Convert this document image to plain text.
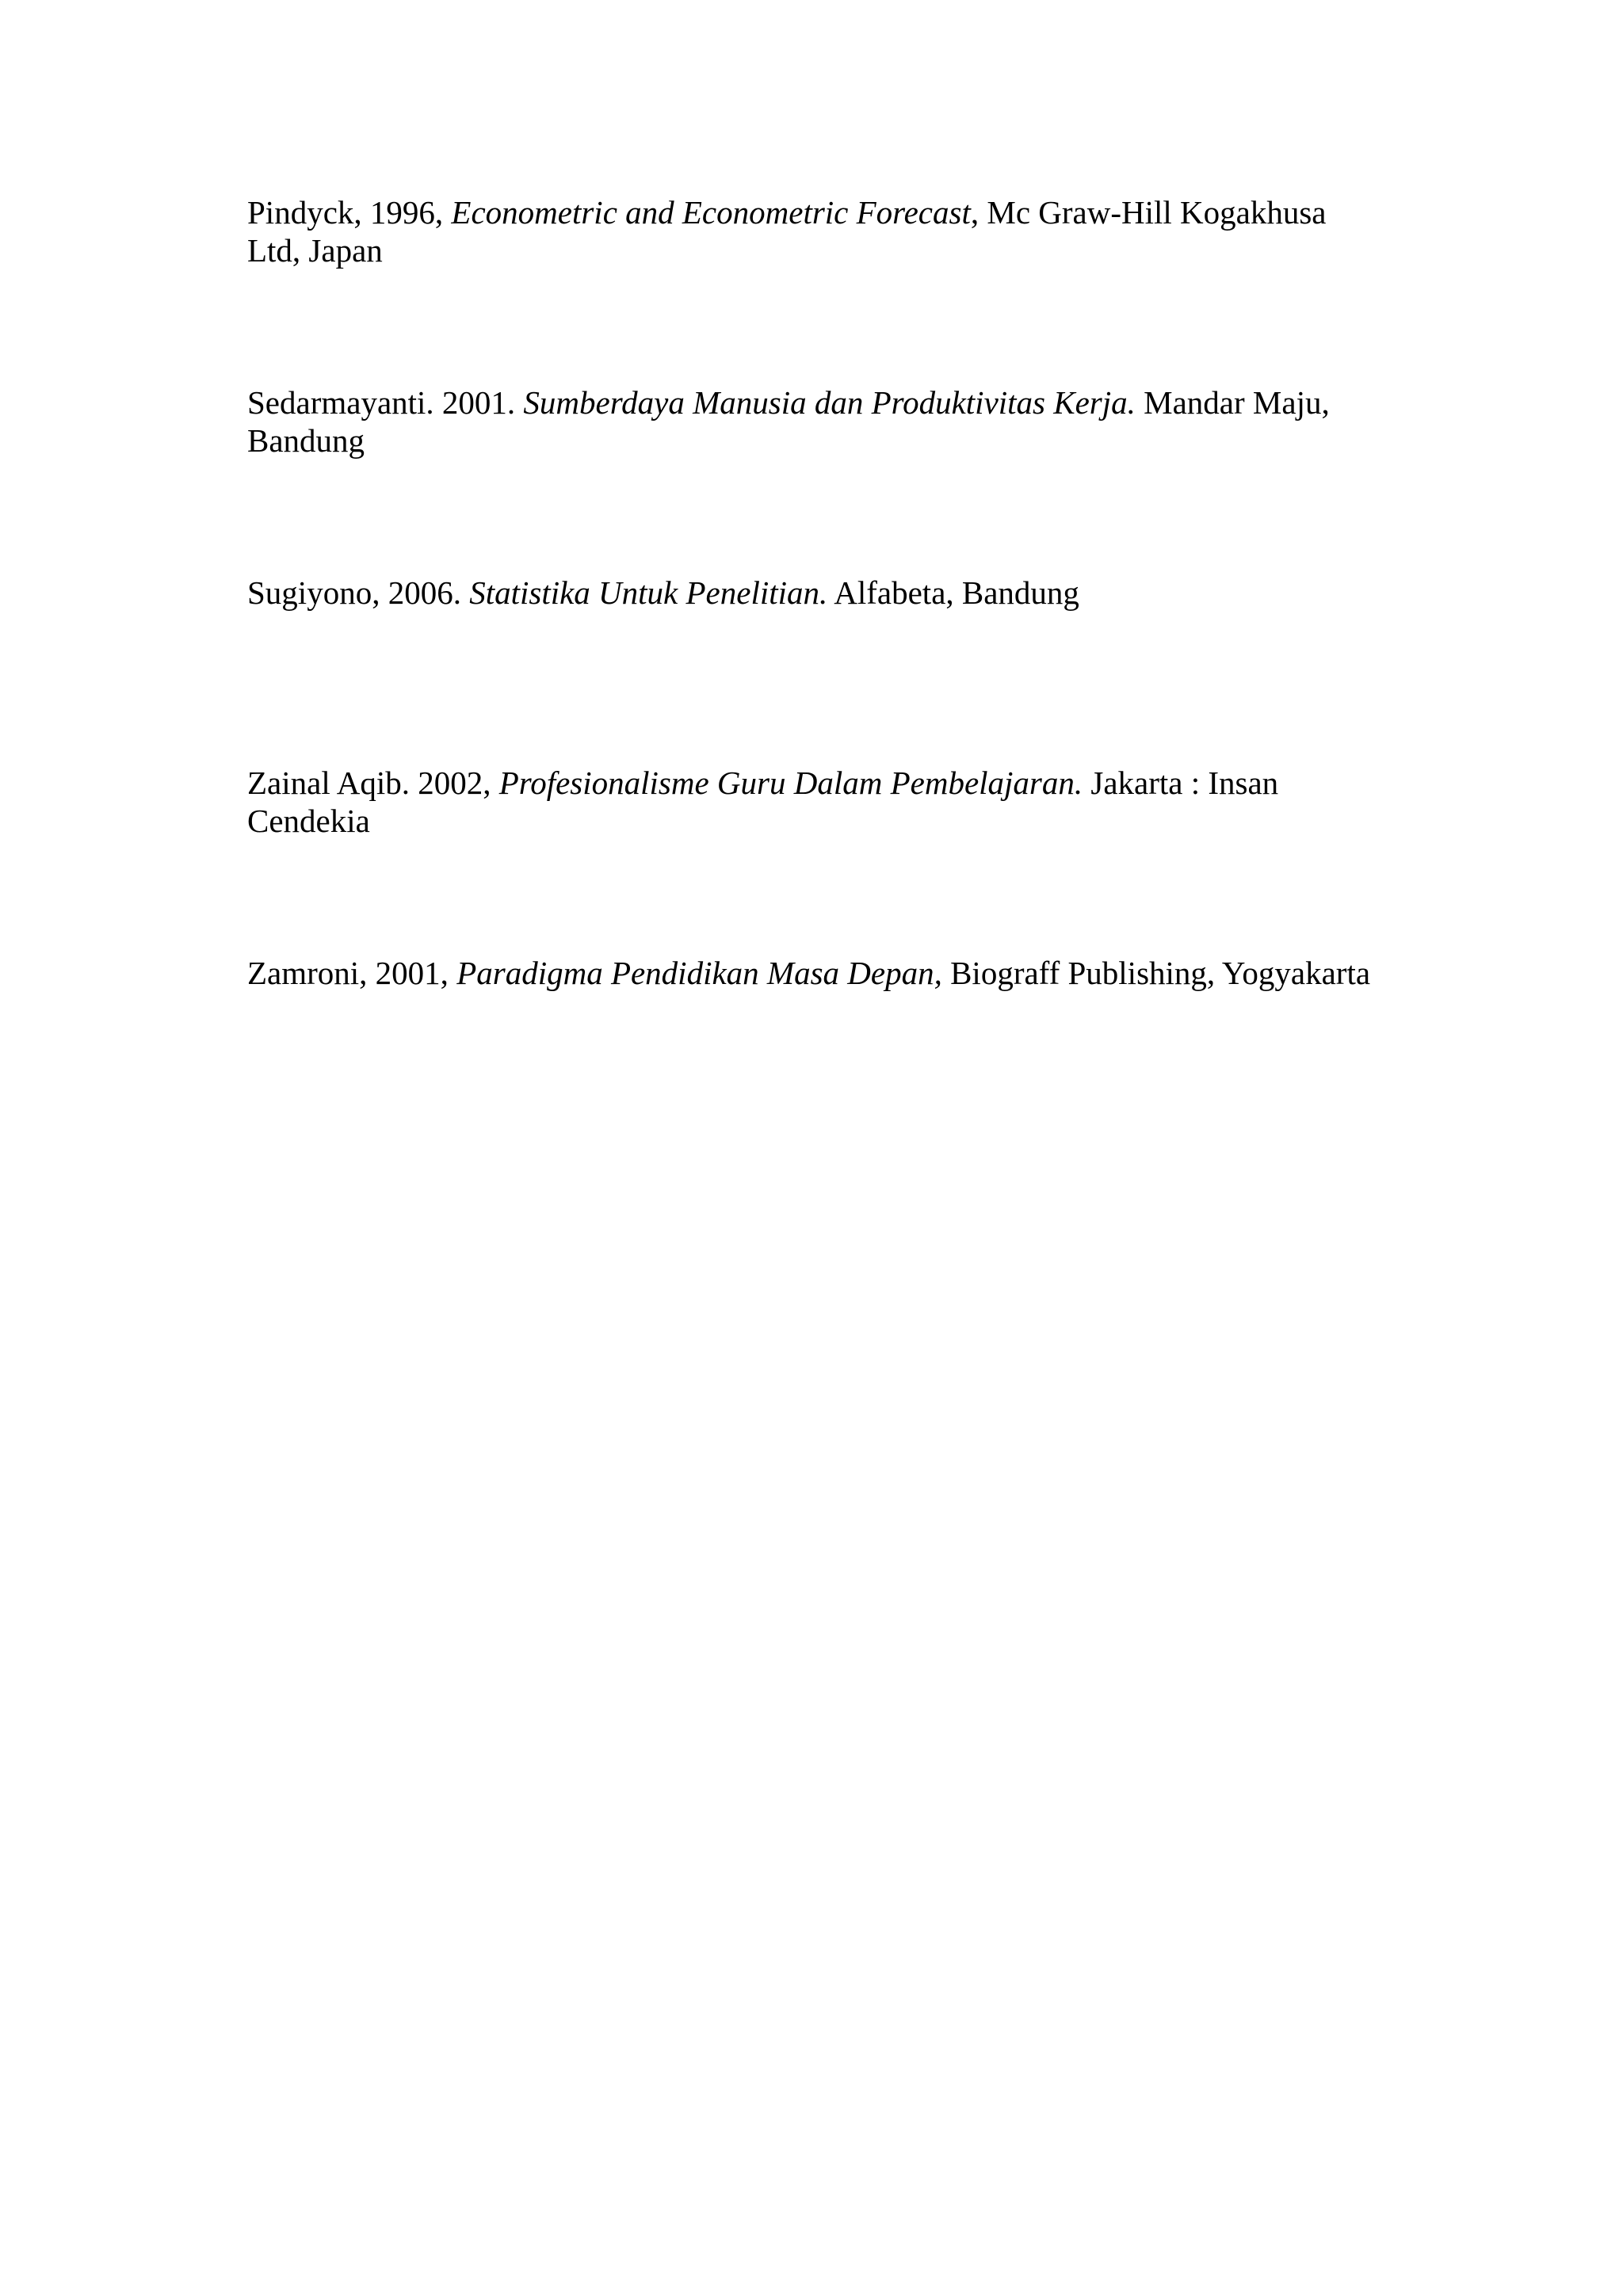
Pindyck, 1996, Econometric and Econometric Forecast, Mc Graw-Hill Kogakhusa Ltd, Japan
Sedarmayanti. 2001. Sumberdaya Manusia dan Produktivitas Kerja. Mandar Maju, Bandung
Sugiyono, 2006. Statistika Untuk Penelitian. Alfabeta, Bandung
Zainal Aqib. 2002, Profesionalisme Guru Dalam Pembelajaran. Jakarta : Insan Cendekia
Zamroni, 2001, Paradigma Pendidikan Masa Depan, Biograff Publishing, Yogyakarta
